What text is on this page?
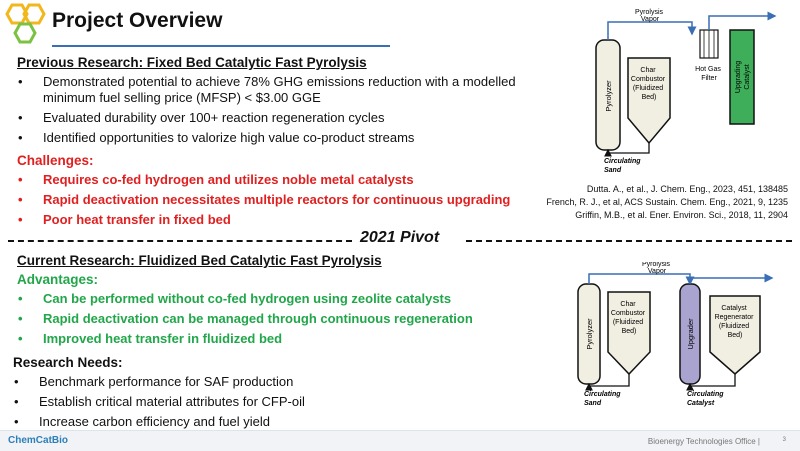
Project Overview
Previous Research: Fixed Bed Catalytic Fast Pyrolysis
• Demonstrated potential to achieve 78% GHG emissions reduction with a modelled minimum fuel selling price (MFSP) < $3.00 GGE
• Evaluated durability over 100+ reaction regeneration cycles
• Identified opportunities to valorize high value co-product streams
Challenges:
• Requires co-fed hydrogen and utilizes noble metal catalysts
• Rapid deactivation necessitates multiple reactors for continuous upgrading
• Poor heat transfer in fixed bed
Dutta. A., et al., J. Chem. Eng., 2023, 451, 138485
French, R. J., et al, ACS Sustain. Chem. Eng., 2021, 9, 1235
Griffin, M.B., et al. Ener. Environ. Sci., 2018, 11, 2904
2021 Pivot
Current Research: Fluidized Bed Catalytic Fast Pyrolysis
Advantages:
• Can be performed without co-fed hydrogen using zeolite catalysts
• Rapid deactivation can be managed through continuous regeneration
• Improved heat transfer in fluidized bed
Research Needs:
• Benchmark performance for SAF production
• Establish critical material attributes for CFP-oil
• Increase carbon efficiency and fuel yield
Pyrolyzer
Char Combustor (Fluidized Bed)
Pyrolysis Vapor
Hot Gas Filter	Upgrading Catalyst
Circulating Sand
Pyrolyzer
Char Combustor (Fluidized Bed)
Pyrolysis Vapor
Upgrader
Catalyst Regenerator (Fluidized Bed)
Circulating Sand
Circulating Catalyst
ChemCatBio	Bioenergy Technologies Office |	3
